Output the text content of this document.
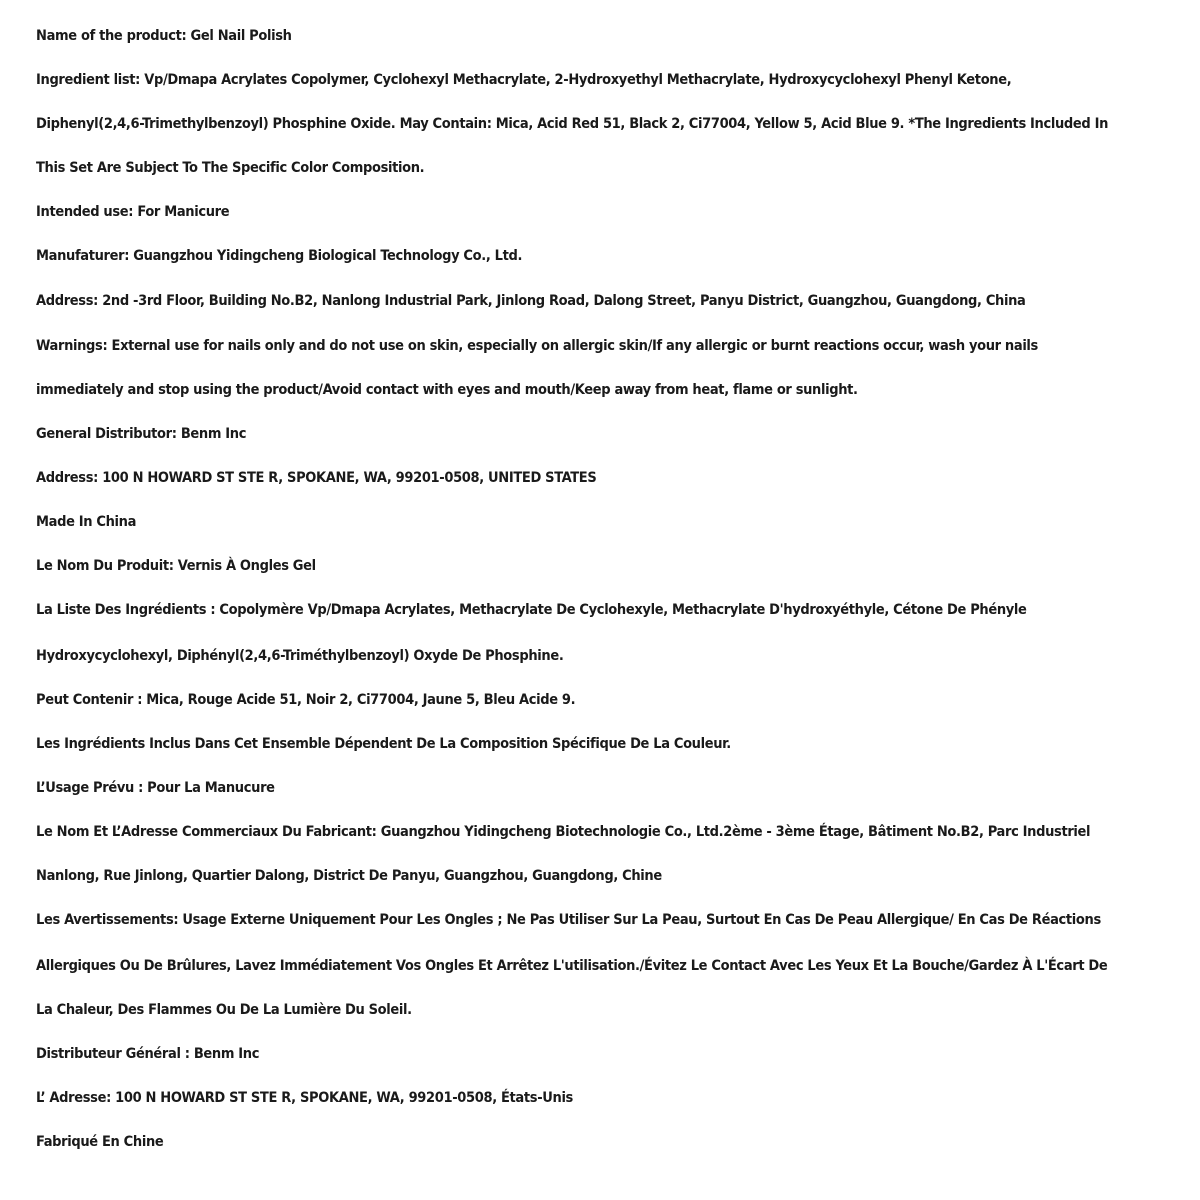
Name of the product: Gel Nail Polish
Ingredient list: Vp/Dmapa Acrylates Copolymer, Cyclohexyl Methacrylate, 2-Hydroxyethyl Methacrylate, Hydroxycyclohexyl Phenyl Ketone,
Diphenyl(2,4,6-Trimethylbenzoyl) Phosphine Oxide. May Contain: Mica, Acid Red 51, Black 2, Ci77004, Yellow 5, Acid Blue 9. *The Ingredients Included In
This Set Are Subject To The Specific Color Composition.
Intended use: For Manicure
Manufaturer: Guangzhou Yidingcheng Biological Technology Co., Ltd.
Address: 2nd -3rd Floor, Building No.B2, Nanlong Industrial Park, Jinlong Road, Dalong Street, Panyu District, Guangzhou, Guangdong, China
Warnings: External use for nails only and do not use on skin, especially on allergic skin/If any allergic or burnt reactions occur, wash your nails
immediately and stop using the product/Avoid contact with eyes and mouth/Keep away from heat, flame or sunlight.
General Distributor: Benm Inc
Address: 100 N HOWARD ST STE R, SPOKANE, WA, 99201-0508, UNITED STATES
Made In China
Le Nom Du Produit: Vernis À Ongles Gel
La Liste Des Ingrédients : Copolymère Vp/Dmapa Acrylates, Methacrylate De Cyclohexyle, Methacrylate D'hydroxyéthyle, Cétone De Phényle
Hydroxycyclohexyl, Diphényl(2,4,6-Triméthylbenzoyl) Oxyde De Phosphine.
Peut Contenir : Mica, Rouge Acide 51, Noir 2, Ci77004, Jaune 5, Bleu Acide 9.
Les Ingrédients Inclus Dans Cet Ensemble Dépendent De La Composition Spécifique De La Couleur.
L’Usage Prévu : Pour La Manucure
Le Nom Et L’Adresse Commerciaux Du Fabricant: Guangzhou Yidingcheng Biotechnologie Co., Ltd.2ème - 3ème Étage, Bâtiment No.B2, Parc Industriel
Nanlong, Rue Jinlong, Quartier Dalong, District De Panyu, Guangzhou, Guangdong, Chine
Les Avertissements: Usage Externe Uniquement Pour Les Ongles ; Ne Pas Utiliser Sur La Peau, Surtout En Cas De Peau Allergique/ En Cas De Réactions
Allergiques Ou De Brûlures, Lavez Immédiatement Vos Ongles Et Arrêtez L'utilisation./Évitez Le Contact Avec Les Yeux Et La Bouche/Gardez À L'Écart De
La Chaleur, Des Flammes Ou De La Lumière Du Soleil.
Distributeur Général : Benm Inc
L’ Adresse: 100 N HOWARD ST STE R, SPOKANE, WA, 99201-0508, États-Unis
Fabriqué En Chine
